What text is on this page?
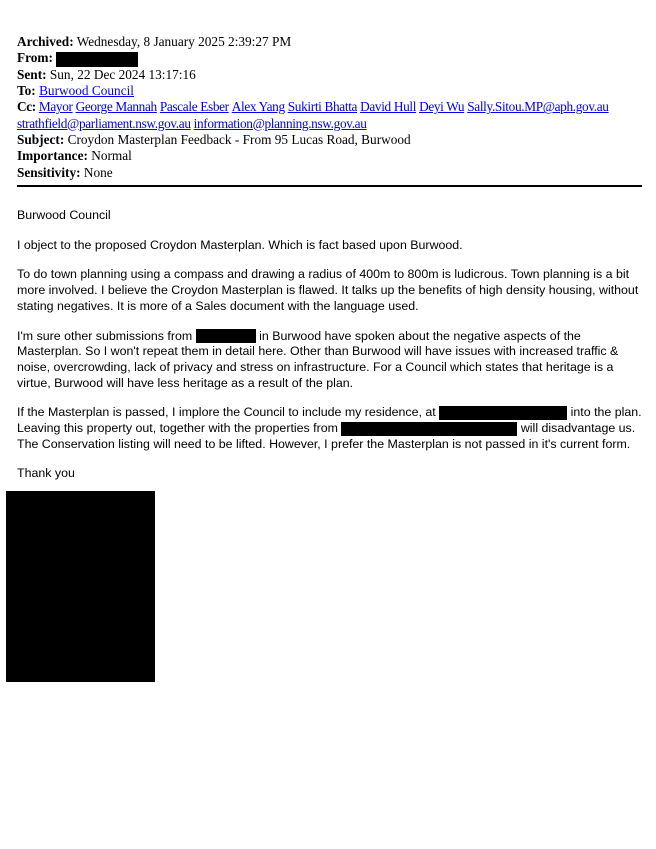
Archived: Wednesday, 8 January 2025 2:39:27 PM
From:
Sent: Sun, 22 Dec 2024 13:17:16
To: Burwood Council
Cc: Mayor George Mannah Pascale Esber Alex Yang Sukirti Bhatta David Hull Deyi Wu Sally.Sitou.MP@aph.gov.au
strathfield@parliament.nsw.gov.au information@planning.nsw.gov.au
Subject: Croydon Masterplan Feedback - From 95 Lucas Road, Burwood
Importance: Normal
Sensitivity: None

Burwood Council

I object to the proposed Croydon Masterplan. Which is fact based upon Burwood.

To do town planning using a compass and drawing a radius of 400m to 800m is ludicrous. Town planning is a bit more involved. I believe the Croydon Masterplan is flawed. It talks up the benefits of high density housing, without stating negatives. It is more of a Sales document with the language used.

I'm sure other submissions from	in Burwood have spoken about the negative aspects of the Masterplan. So I won't repeat them in detail here. Other than Burwood will have issues with increased traffic & noise, overcrowding, lack of privacy and stress on infrastructure. For a Council which states that heritage is a virtue, Burwood will have less heritage as a result of the plan.

If the Masterplan is passed, I implore the Council to include my residence, at	into the plan. Leaving this property out, together with the properties from	will disadvantage us. The Conservation listing will need to be lifted. However, I prefer the Masterplan is not passed in it's current form.

Thank you
